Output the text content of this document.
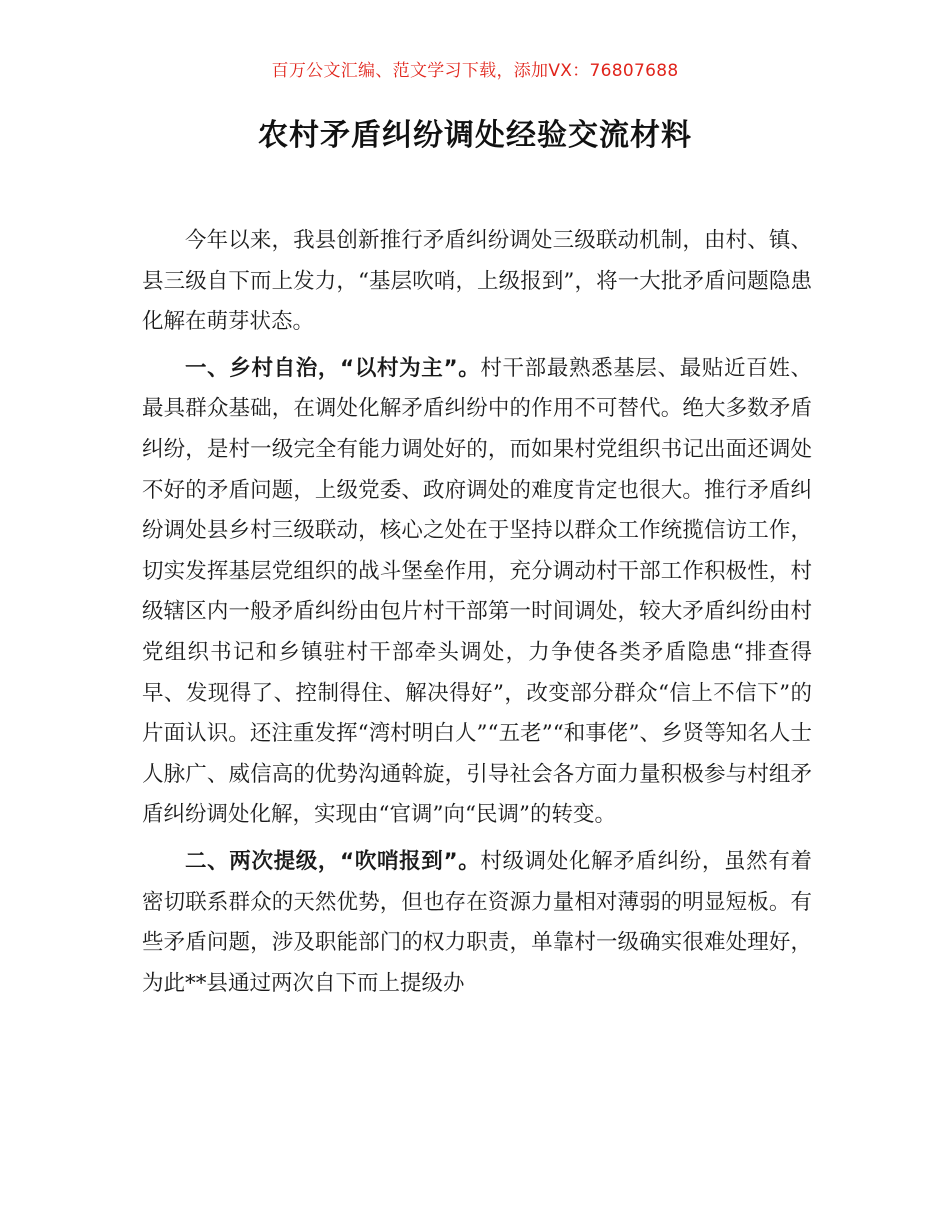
百万公文汇编、范文学习下载，添加VX：76807688
农村矛盾纠纷调处经验交流材料

今年以来，我县创新推行矛盾纠纷调处三级联动机制，由村、镇、县三级自下而上发力，“基层吹哨，上级报到”，将一大批矛盾问题隐患化解在萌芽状态。

一、乡村自治，“以村为主”。村干部最熟悉基层、最贴近百姓、最具群众基础，在调处化解矛盾纠纷中的作用不可替代。绝大多数矛盾纠纷，是村一级完全有能力调处好的，而如果村党组织书记出面还调处不好的矛盾问题，上级党委、政府调处的难度肯定也很大。推行矛盾纠纷调处县乡村三级联动，核心之处在于坚持以群众工作统揽信访工作，切实发挥基层党组织的战斗堡垒作用，充分调动村干部工作积极性，村级辖区内一般矛盾纠纷由包片村干部第一时间调处，较大矛盾纠纷由村党组织书记和乡镇驻村干部牵头调处，力争使各类矛盾隐患“排查得早、发现得了、控制得住、解决得好”，改变部分群众“信上不信下”的片面认识。还注重发挥“湾村明白人”“五老”“和事佬”、乡贤等知名人士人脉广、威信高的优势沟通斡旋，引导社会各方面力量积极参与村组矛盾纠纷调处化解，实现由“官调”向“民调”的转变。

二、两次提级，“吹哨报到”。村级调处化解矛盾纠纷，虽然有着密切联系群众的天然优势，但也存在资源力量相对薄弱的明显短板。有些矛盾问题，涉及职能部门的权力职责，单靠村一级确实很难处理好，为此**县通过两次自下而上提级办
